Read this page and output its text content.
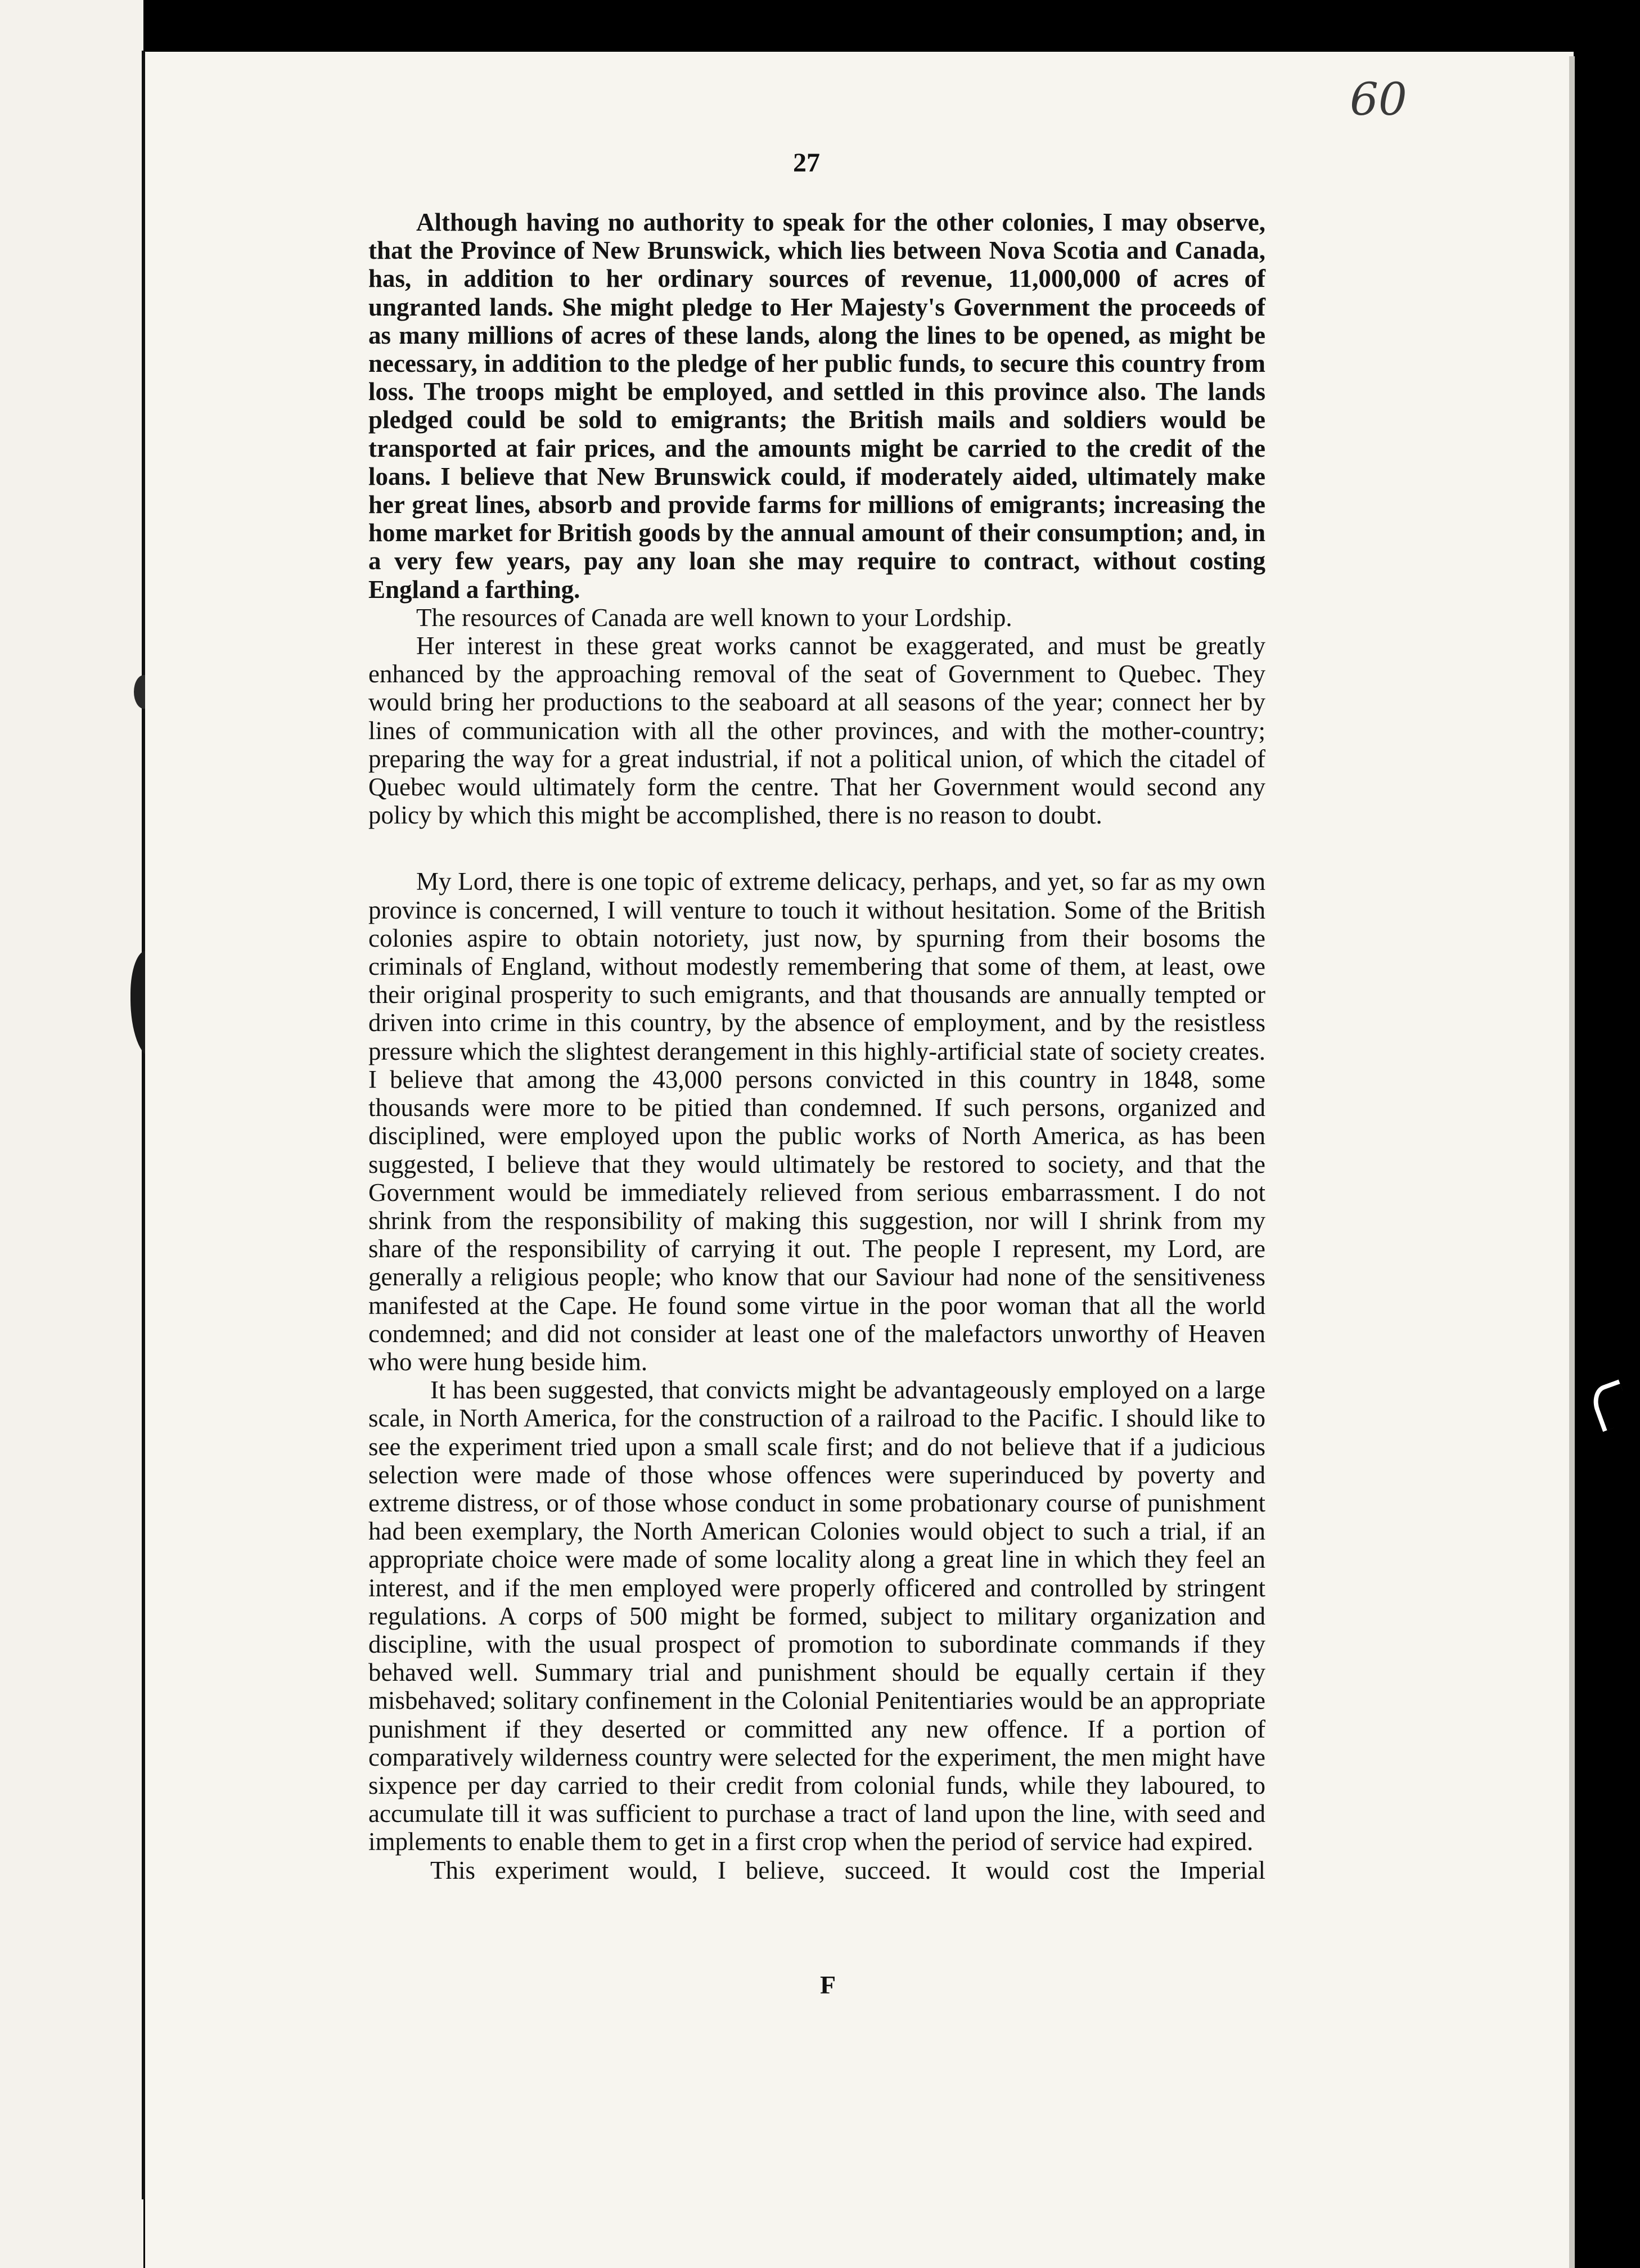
60
27

Although having no authority to speak for the other colonies, I may observe, that the Province of New Brunswick, which lies between Nova Scotia and Canada, has, in addition to her ordinary sources of revenue, 11,000,000 of acres of ungranted lands. She might pledge to Her Majesty's Government the proceeds of as many millions of acres of these lands, along the lines to be opened, as might be necessary, in addition to the pledge of her public funds, to secure this country from loss. The troops might be employed, and settled in this province also. The lands pledged could be sold to emigrants; the British mails and soldiers would be transported at fair prices, and the amounts might be carried to the credit of the loans. I believe that New Brunswick could, if moderately aided, ultimately make her great lines, absorb and provide farms for millions of emigrants; increasing the home market for British goods by the annual amount of their consumption; and, in a very few years, pay any loan she may require to contract, without costing England a farthing.

The resources of Canada are well known to your Lordship.

Her interest in these great works cannot be exaggerated, and must be greatly enhanced by the approaching removal of the seat of Government to Quebec. They would bring her productions to the seaboard at all seasons of the year; connect her by lines of communication with all the other provinces, and with the mother-country; preparing the way for a great industrial, if not a political union, of which the citadel of Quebec would ultimately form the centre. That her Government would second any policy by which this might be accomplished, there is no reason to doubt.

My Lord, there is one topic of extreme delicacy, perhaps, and yet, so far as my own province is concerned, I will venture to touch it without hesitation. Some of the British colonies aspire to obtain notoriety, just now, by spurning from their bosoms the criminals of England, without modestly remembering that some of them, at least, owe their original prosperity to such emigrants, and that thousands are annually tempted or driven into crime in this country, by the absence of employment, and by the resistless pressure which the slightest derangement in this highly-artificial state of society creates. I believe that among the 43,000 persons convicted in this country in 1848, some thousands were more to be pitied than condemned. If such persons, organized and disciplined, were employed upon the public works of North America, as has been suggested, I believe that they would ultimately be restored to society, and that the Government would be immediately relieved from serious embarrassment. I do not shrink from the responsibility of making this suggestion, nor will I shrink from my share of the responsibility of carrying it out. The people I represent, my Lord, are generally a religious people; who know that our Saviour had none of the sensitiveness manifested at the Cape. He found some virtue in the poor woman that all the world condemned; and did not consider at least one of the malefactors unworthy of Heaven who were hung beside him.

It has been suggested, that convicts might be advantageously employed on a large scale, in North America, for the construction of a railroad to the Pacific. I should like to see the experiment tried upon a small scale first; and do not believe that if a judicious selection were made of those whose offences were superinduced by poverty and extreme distress, or of those whose conduct in some probationary course of punishment had been exemplary, the North American Colonies would object to such a trial, if an appropriate choice were made of some locality along a great line in which they feel an interest, and if the men employed were properly officered and controlled by stringent regulations. A corps of 500 might be formed, subject to military organization and discipline, with the usual prospect of promotion to subordinate commands if they behaved well. Summary trial and punishment should be equally certain if they misbehaved; solitary confinement in the Colonial Penitentiaries would be an appropriate punishment if they deserted or committed any new offence. If a portion of comparatively wilderness country were selected for the experiment, the men might have sixpence per day carried to their credit from colonial funds, while they laboured, to accumulate till it was sufficient to purchase a tract of land upon the line, with seed and implements to enable them to get in a first crop when the period of service had expired.

This experiment would, I believe, succeed. It would cost the Imperial

F
